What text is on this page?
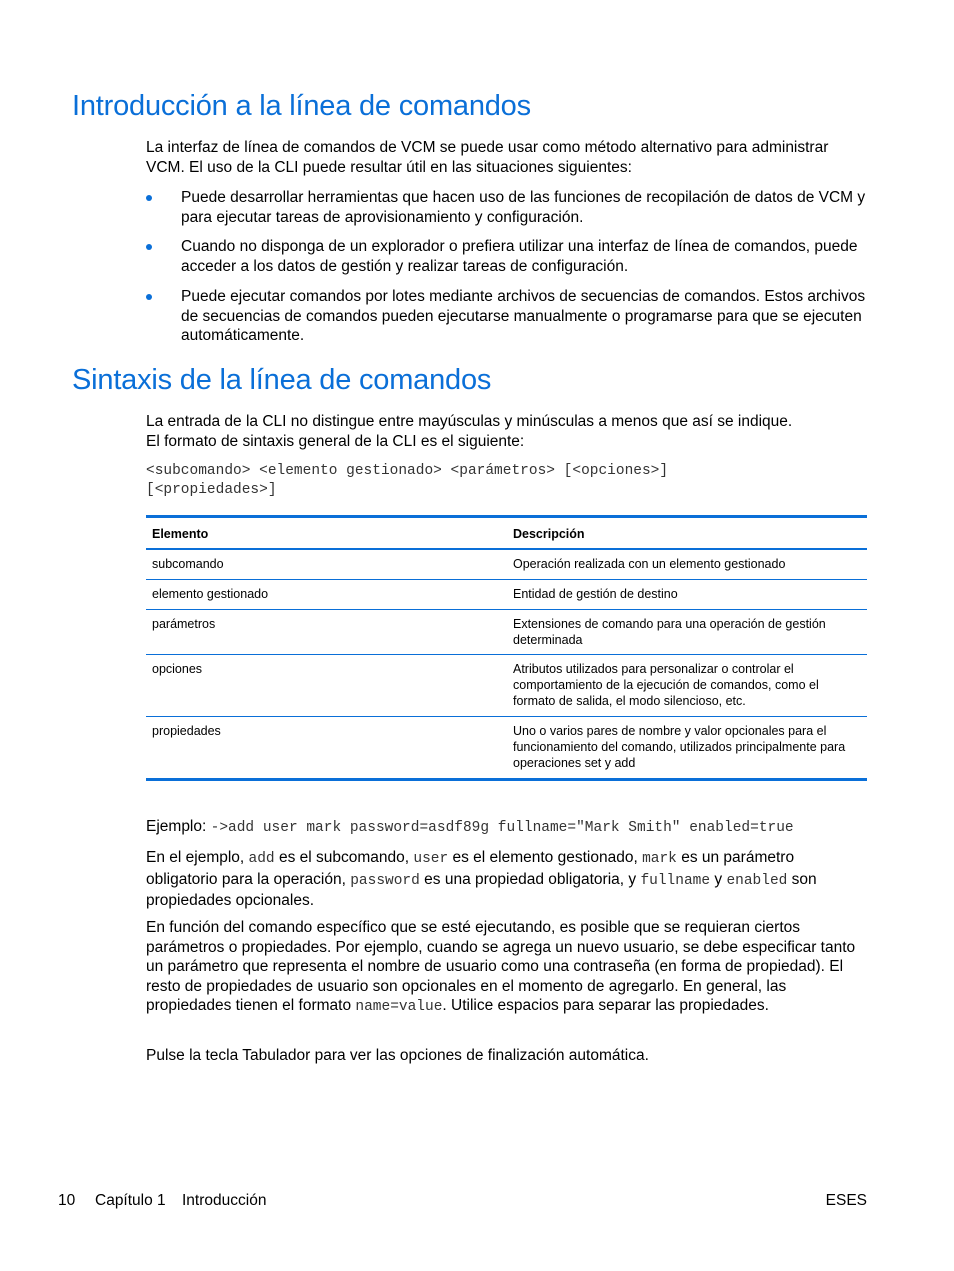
Introducción a la línea de comandos

La interfaz de línea de comandos de VCM se puede usar como método alternativo para administrar VCM. El uso de la CLI puede resultar útil en las situaciones siguientes:

Puede desarrollar herramientas que hacen uso de las funciones de recopilación de datos de VCM y para ejecutar tareas de aprovisionamiento y configuración.

Cuando no disponga de un explorador o prefiera utilizar una interfaz de línea de comandos, puede acceder a los datos de gestión y realizar tareas de configuración.

Puede ejecutar comandos por lotes mediante archivos de secuencias de comandos. Estos archivos de secuencias de comandos pueden ejecutarse manualmente o programarse para que se ejecuten automáticamente.

Sintaxis de la línea de comandos

La entrada de la CLI no distingue entre mayúsculas y minúsculas a menos que así se indique.

El formato de sintaxis general de la CLI es el siguiente:

<subcomando> <elemento gestionado> <parámetros> [<opciones>]

[<propiedades>]

Elemento	Descripción
subcomando	Operación realizada con un elemento gestionado
elemento gestionado	Entidad de gestión de destino
parámetros	Extensiones de comando para una operación de gestión determinada
opciones	Atributos utilizados para personalizar o controlar el comportamiento de la ejecución de comandos, como el formato de salida, el modo silencioso, etc.
propiedades	Uno o varios pares de nombre y valor opcionales para el funcionamiento del comando, utilizados principalmente para operaciones set y add

Ejemplo: ->add user mark password=asdf89g fullname="Mark Smith" enabled=true

En el ejemplo, add es el subcomando, user es el elemento gestionado, mark es un parámetro obligatorio para la operación, password es una propiedad obligatoria, y fullname y enabled son propiedades opcionales.

En función del comando específico que se esté ejecutando, es posible que se requieran ciertos parámetros o propiedades. Por ejemplo, cuando se agrega un nuevo usuario, se debe especificar tanto un parámetro que representa el nombre de usuario como una contraseña (en forma de propiedad). El resto de propiedades de usuario son opcionales en el momento de agregarlo. En general, las propiedades tienen el formato name=value. Utilice espacios para separar las propiedades.

Pulse la tecla Tabulador para ver las opciones de finalización automática.

10 Capítulo 1 Introducción	ESES
